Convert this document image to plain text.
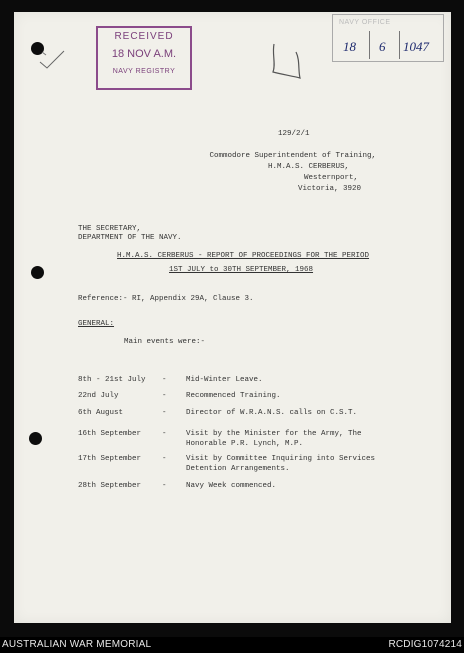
RECEIVED
18 NOV A.M.
NAVY REGISTRY
NAVY OFFICE
18 6 1047
129/2/1
Commodore Superintendent of Training,
H.M.A.S. CERBERUS,
Westernport,
Victoria, 3920
THE SECRETARY,
DEPARTMENT OF THE NAVY.
H.M.A.S. CERBERUS - REPORT OF PROCEEDINGS FOR THE PERIOD
1ST JULY to 30TH SEPTEMBER, 1968
Reference:- RI, Appendix 29A, Clause 3.
GENERAL:
Main events were:-
8th - 21st July -	Mid-Winter Leave.
22nd July	-	Recommenced Training.
6th August	-	Director of W.R.A.N.S. calls on C.S.T.
16th September	-	Visit by the Minister for the Army, The
Honorable P.R. Lynch, M.P.
17th September	-	Visit by Committee Inquiring into Services
Detention Arrangements.
28th September	-	Navy Week commenced.
AUSTRALIAN WAR MEMORIAL	RCDIG1074214
